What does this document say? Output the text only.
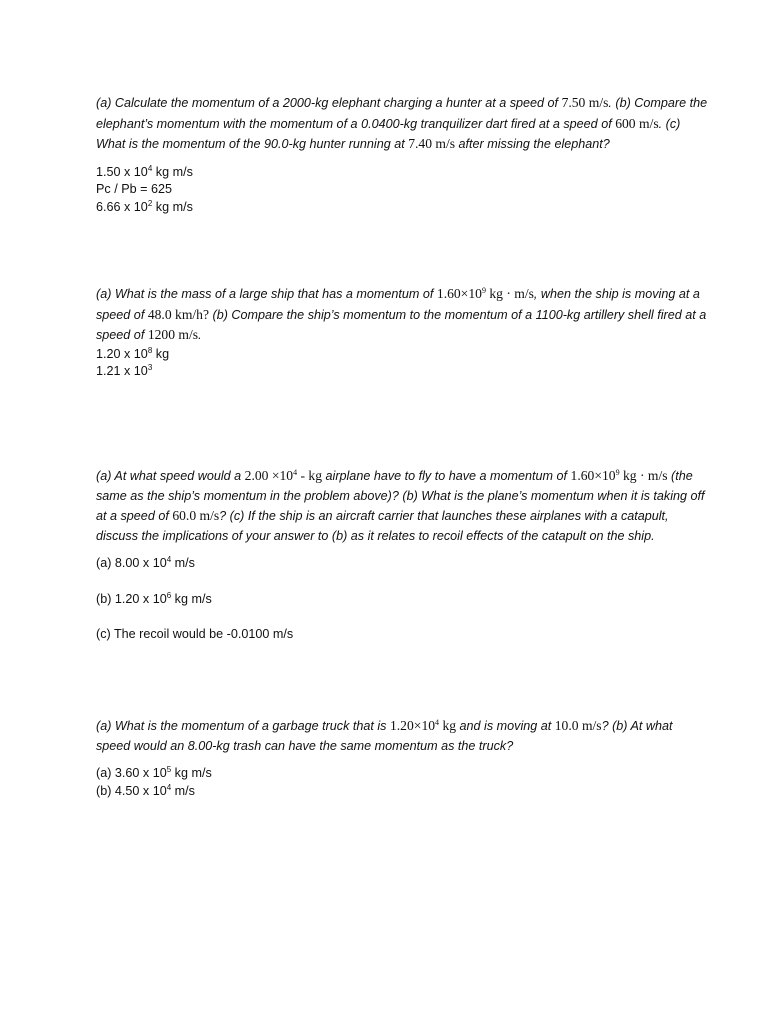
(a) Calculate the momentum of a 2000-kg elephant charging a hunter at a speed of 7.50 m/s. (b) Compare the elephant’s momentum with the momentum of a 0.0400-kg tranquilizer dart fired at a speed of 600 m/s. (c) What is the momentum of the 90.0-kg hunter running at 7.40 m/s after missing the elephant?

1.50 x $10^4$ kg m/s

Pc / Pb = 625

6.66 x $10^2$ kg m/s

(a) What is the mass of a large ship that has a momentum of $1.60\times 10^9$ kg · m/s, when the ship is moving at a speed of 48.0 km/h? (b) Compare the ship’s momentum to the momentum of a 1100-kg artillery shell fired at a speed of 1200 m/s.

1.20 x $10^8$ kg

1.21 x $10^3$

(a) At what speed would a $2.00 \times 10^4$ - kg airplane have to fly to have a momentum of $1.60\times 10^9$ kg · m/s (the same as the ship’s momentum in the problem above)? (b) What is the plane’s momentum when it is taking off at a speed of 60.0 m/s? (c) If the ship is an aircraft carrier that launches these airplanes with a catapult, discuss the implications of your answer to (b) as it relates to recoil effects of the catapult on the ship.

(a) 8.00 x $10^4$ m/s

(b) 1.20 x $10^6$ kg m/s

(c) The recoil would be -0.0100 m/s

(a) What is the momentum of a garbage truck that is $1.20\times 10^4$ kg and is moving at 10.0 m/s? (b) At what speed would an 8.00-kg trash can have the same momentum as the truck?

(a) 3.60 x $10^5$ kg m/s

(b) 4.50 x $10^4$ m/s
